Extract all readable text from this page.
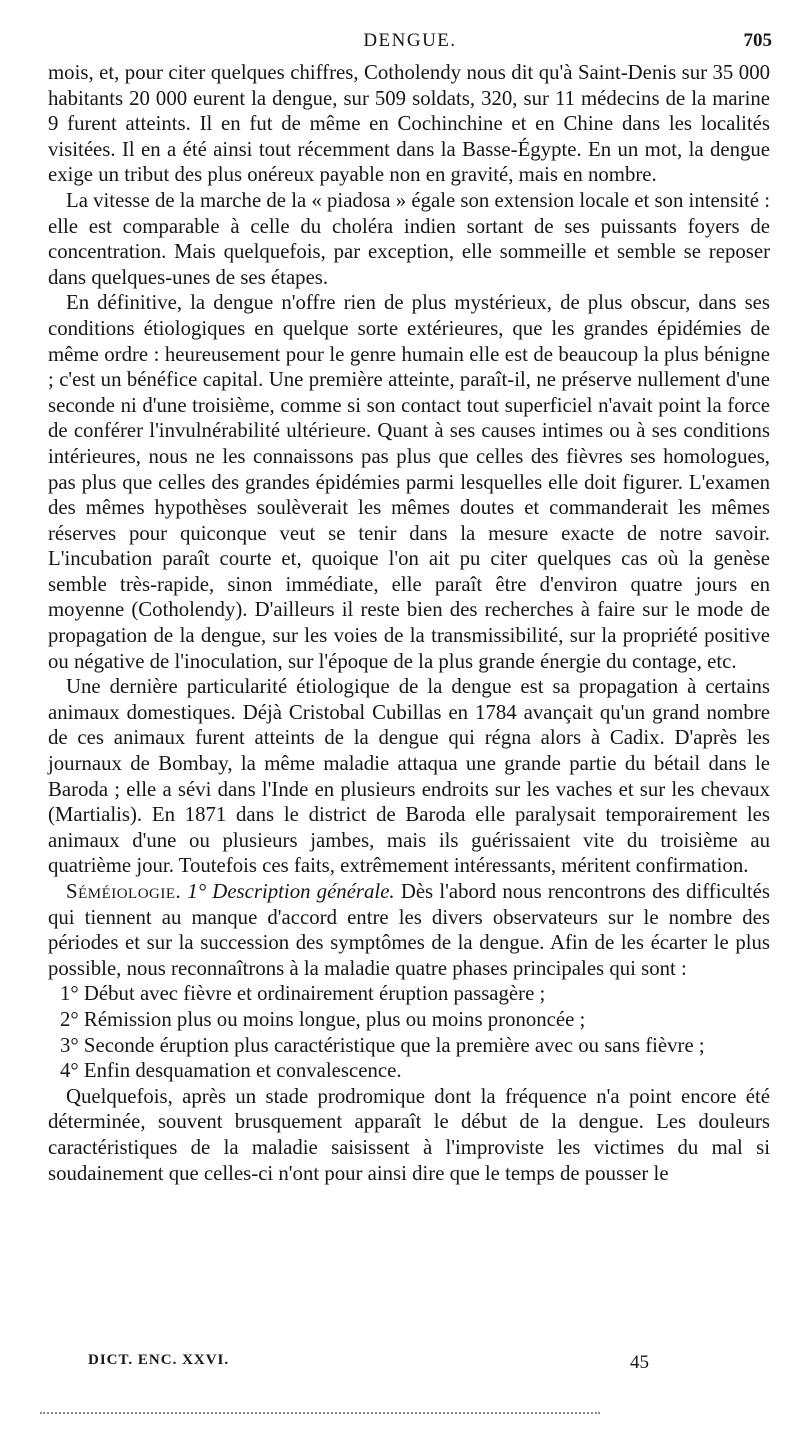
DENGUE.	705

mois, et, pour citer quelques chiffres, Cotholendy nous dit qu'à Saint-Denis sur 35 000 habitants 20 000 eurent la dengue, sur 509 soldats, 320, sur 11 médecins de la marine 9 furent atteints. Il en fut de même en Cochinchine et en Chine dans les localités visitées. Il en a été ainsi tout récemment dans la Basse-Égypte. En un mot, la dengue exige un tribut des plus onéreux payable non en gravité, mais en nombre.

La vitesse de la marche de la « piadosa » égale son extension locale et son intensité : elle est comparable à celle du choléra indien sortant de ses puissants foyers de concentration. Mais quelquefois, par exception, elle sommeille et semble se reposer dans quelques-unes de ses étapes.

En définitive, la dengue n'offre rien de plus mystérieux, de plus obscur, dans ses conditions étiologiques en quelque sorte extérieures, que les grandes épidémies de même ordre : heureusement pour le genre humain elle est de beaucoup la plus bénigne ; c'est un bénéfice capital. Une première atteinte, paraît-il, ne préserve nullement d'une seconde ni d'une troisième, comme si son contact tout superficiel n'avait point la force de conférer l'invulnérabilité ultérieure. Quant à ses causes intimes ou à ses conditions intérieures, nous ne les connaissons pas plus que celles des fièvres ses homologues, pas plus que celles des grandes épidémies parmi lesquelles elle doit figurer. L'examen des mêmes hypothèses soulèverait les mêmes doutes et commanderait les mêmes réserves pour quiconque veut se tenir dans la mesure exacte de notre savoir. L'incubation paraît courte et, quoique l'on ait pu citer quelques cas où la genèse semble très-rapide, sinon immédiate, elle paraît être d'environ quatre jours en moyenne (Cotholendy). D'ailleurs il reste bien des recherches à faire sur le mode de propagation de la dengue, sur les voies de la transmissibilité, sur la propriété positive ou négative de l'inoculation, sur l'époque de la plus grande énergie du contage, etc.

Une dernière particularité étiologique de la dengue est sa propagation à certains animaux domestiques. Déjà Cristobal Cubillas en 1784 avançait qu'un grand nombre de ces animaux furent atteints de la dengue qui régna alors à Cadix. D'après les journaux de Bombay, la même maladie attaqua une grande partie du bétail dans le Baroda ; elle a sévi dans l'Inde en plusieurs endroits sur les vaches et sur les chevaux (Martialis). En 1871 dans le district de Baroda elle paralysait temporairement les animaux d'une ou plusieurs jambes, mais ils guérissaient vite du troisième au quatrième jour. Toutefois ces faits, extrêmement intéressants, méritent confirmation.

Séméiologie. 1° Description générale. Dès l'abord nous rencontrons des difficultés qui tiennent au manque d'accord entre les divers observateurs sur le nombre des périodes et sur la succession des symptômes de la dengue. Afin de les écarter le plus possible, nous reconnaîtrons à la maladie quatre phases principales qui sont :

1° Début avec fièvre et ordinairement éruption passagère ;

2° Rémission plus ou moins longue, plus ou moins prononcée ;

3° Seconde éruption plus caractéristique que la première avec ou sans fièvre ;

4° Enfin desquamation et convalescence.

Quelquefois, après un stade prodromique dont la fréquence n'a point encore été déterminée, souvent brusquement apparaît le début de la dengue. Les douleurs caractéristiques de la maladie saisissent à l'improviste les victimes du mal si soudainement que celles-ci n'ont pour ainsi dire que le temps de pousser le

DICT. ENC. XXVI.	45
